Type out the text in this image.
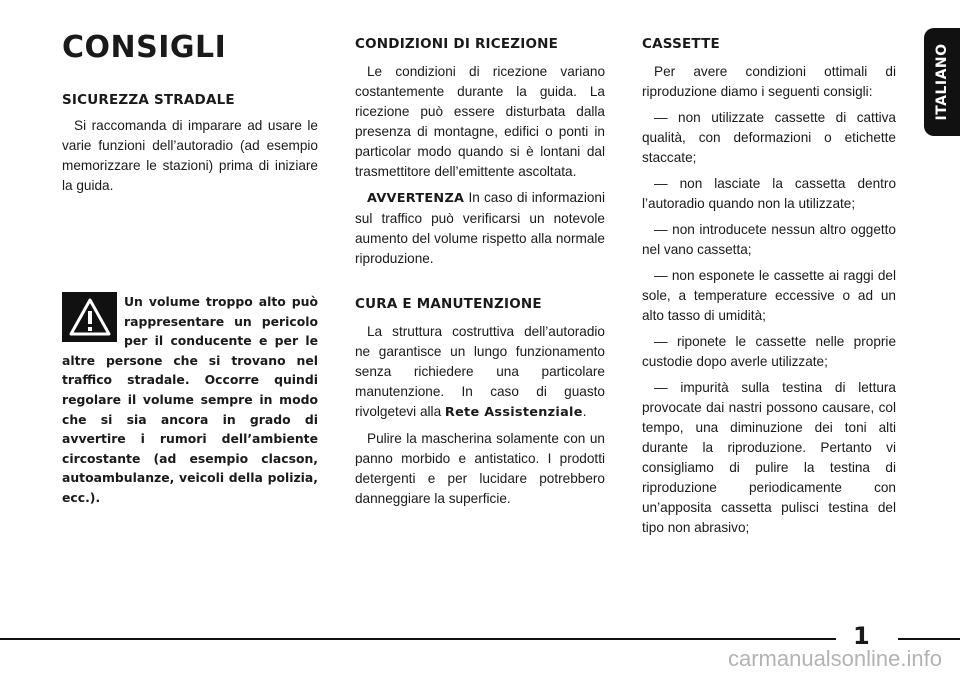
CONSIGLI
SICUREZZA STRADALE

Si raccomanda di imparare ad usare le varie funzioni dell’autoradio (ad esempio memorizzare le stazioni) prima di iniziare la guida.

Un volume troppo alto può rappresentare un pericolo per il conducente e per le altre persone che si trovano nel traffico stradale. Occorre quindi regolare il volume sempre in modo che si sia ancora in grado di avvertire i rumori dell’ambiente circostante (ad esempio clacson, autoambulanze, veicoli della polizia, ecc.).

CONDIZIONI DI RICEZIONE

Le condizioni di ricezione variano costantemente durante la guida. La ricezione può essere disturbata dalla presenza di montagne, edifici o ponti in particolar modo quando si è lontani dal trasmettitore dell’emittente ascoltata.

AVVERTENZA In caso di informazioni sul traffico può verificarsi un notevole aumento del volume rispetto alla normale riproduzione.

CURA E MANUTENZIONE

La struttura costruttiva dell’autoradio ne garantisce un lungo funzionamento senza richiedere una particolare manutenzione. In caso di guasto rivolgetevi alla Rete Assistenziale.

Pulire la mascherina solamente con un panno morbido e antistatico. I prodotti detergenti e per lucidare potrebbero danneggiare la superficie.

CASSETTE

Per avere condizioni ottimali di riproduzione diamo i seguenti consigli:

— non utilizzate cassette di cattiva qualità, con deformazioni o etichette staccate;

— non lasciate la cassetta dentro l’autoradio quando non la utilizzate;

— non introducete nessun altro oggetto nel vano cassetta;

— non esponete le cassette ai raggi del sole, a temperature eccessive o ad un alto tasso di umidità;

— riponete le cassette nelle proprie custodie dopo averle utilizzate;

— impurità sulla testina di lettura provocate dai nastri possono causare, col tempo, una diminuzione dei toni alti durante la riproduzione. Pertanto vi consigliamo di pulire la testina di riproduzione periodicamente con un’apposita cassetta pulisci testina del tipo non abrasivo;

ITALIANO

1

carmanualsonline.info
